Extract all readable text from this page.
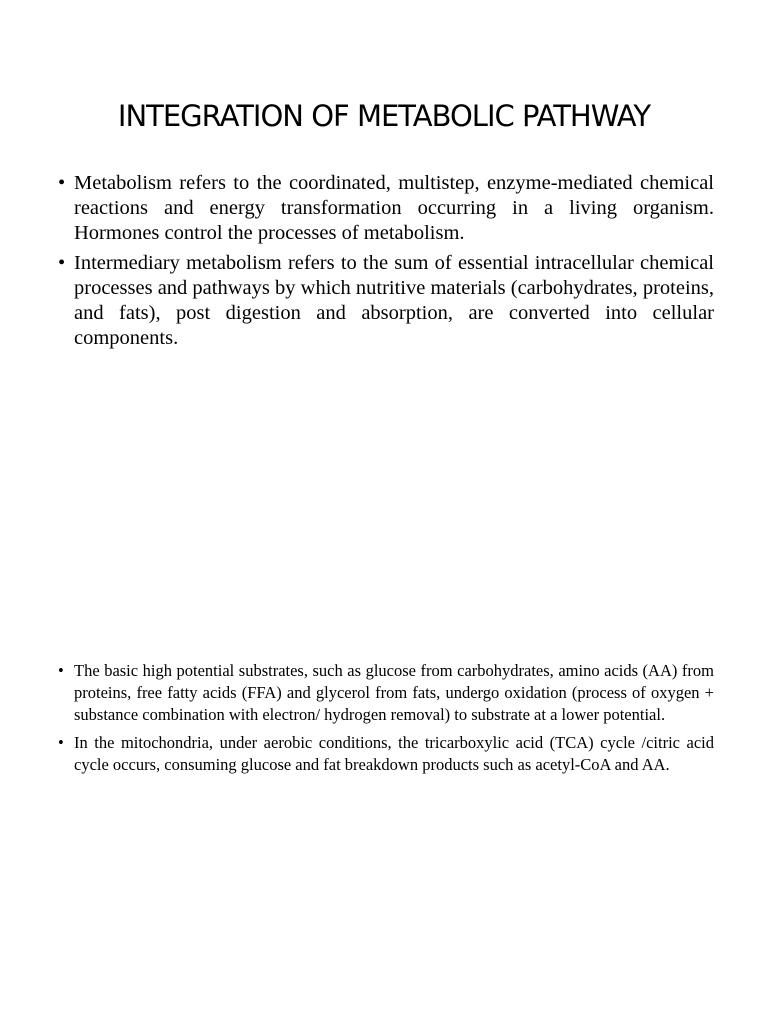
INTEGRATION OF METABOLIC PATHWAY
• Metabolism refers to the coordinated, multistep, enzyme-mediated chemical reactions and energy transformation occurring in a living organism. Hormones control the processes of metabolism.
• Intermediary metabolism refers to the sum of essential intracellular chemical processes and pathways by which nutritive materials (carbohydrates, proteins, and fats), post digestion and absorption, are converted into cellular components.
• The basic high potential substrates, such as glucose from carbohydrates, amino acids (AA) from proteins, free fatty acids (FFA) and glycerol from fats, undergo oxidation (process of oxygen + substance combination with electron/ hydrogen removal) to substrate at a lower potential.
• In the mitochondria, under aerobic conditions, the tricarboxylic acid (TCA) cycle /citric acid cycle occurs, consuming glucose and fat breakdown products such as acetyl-CoA and AA.
